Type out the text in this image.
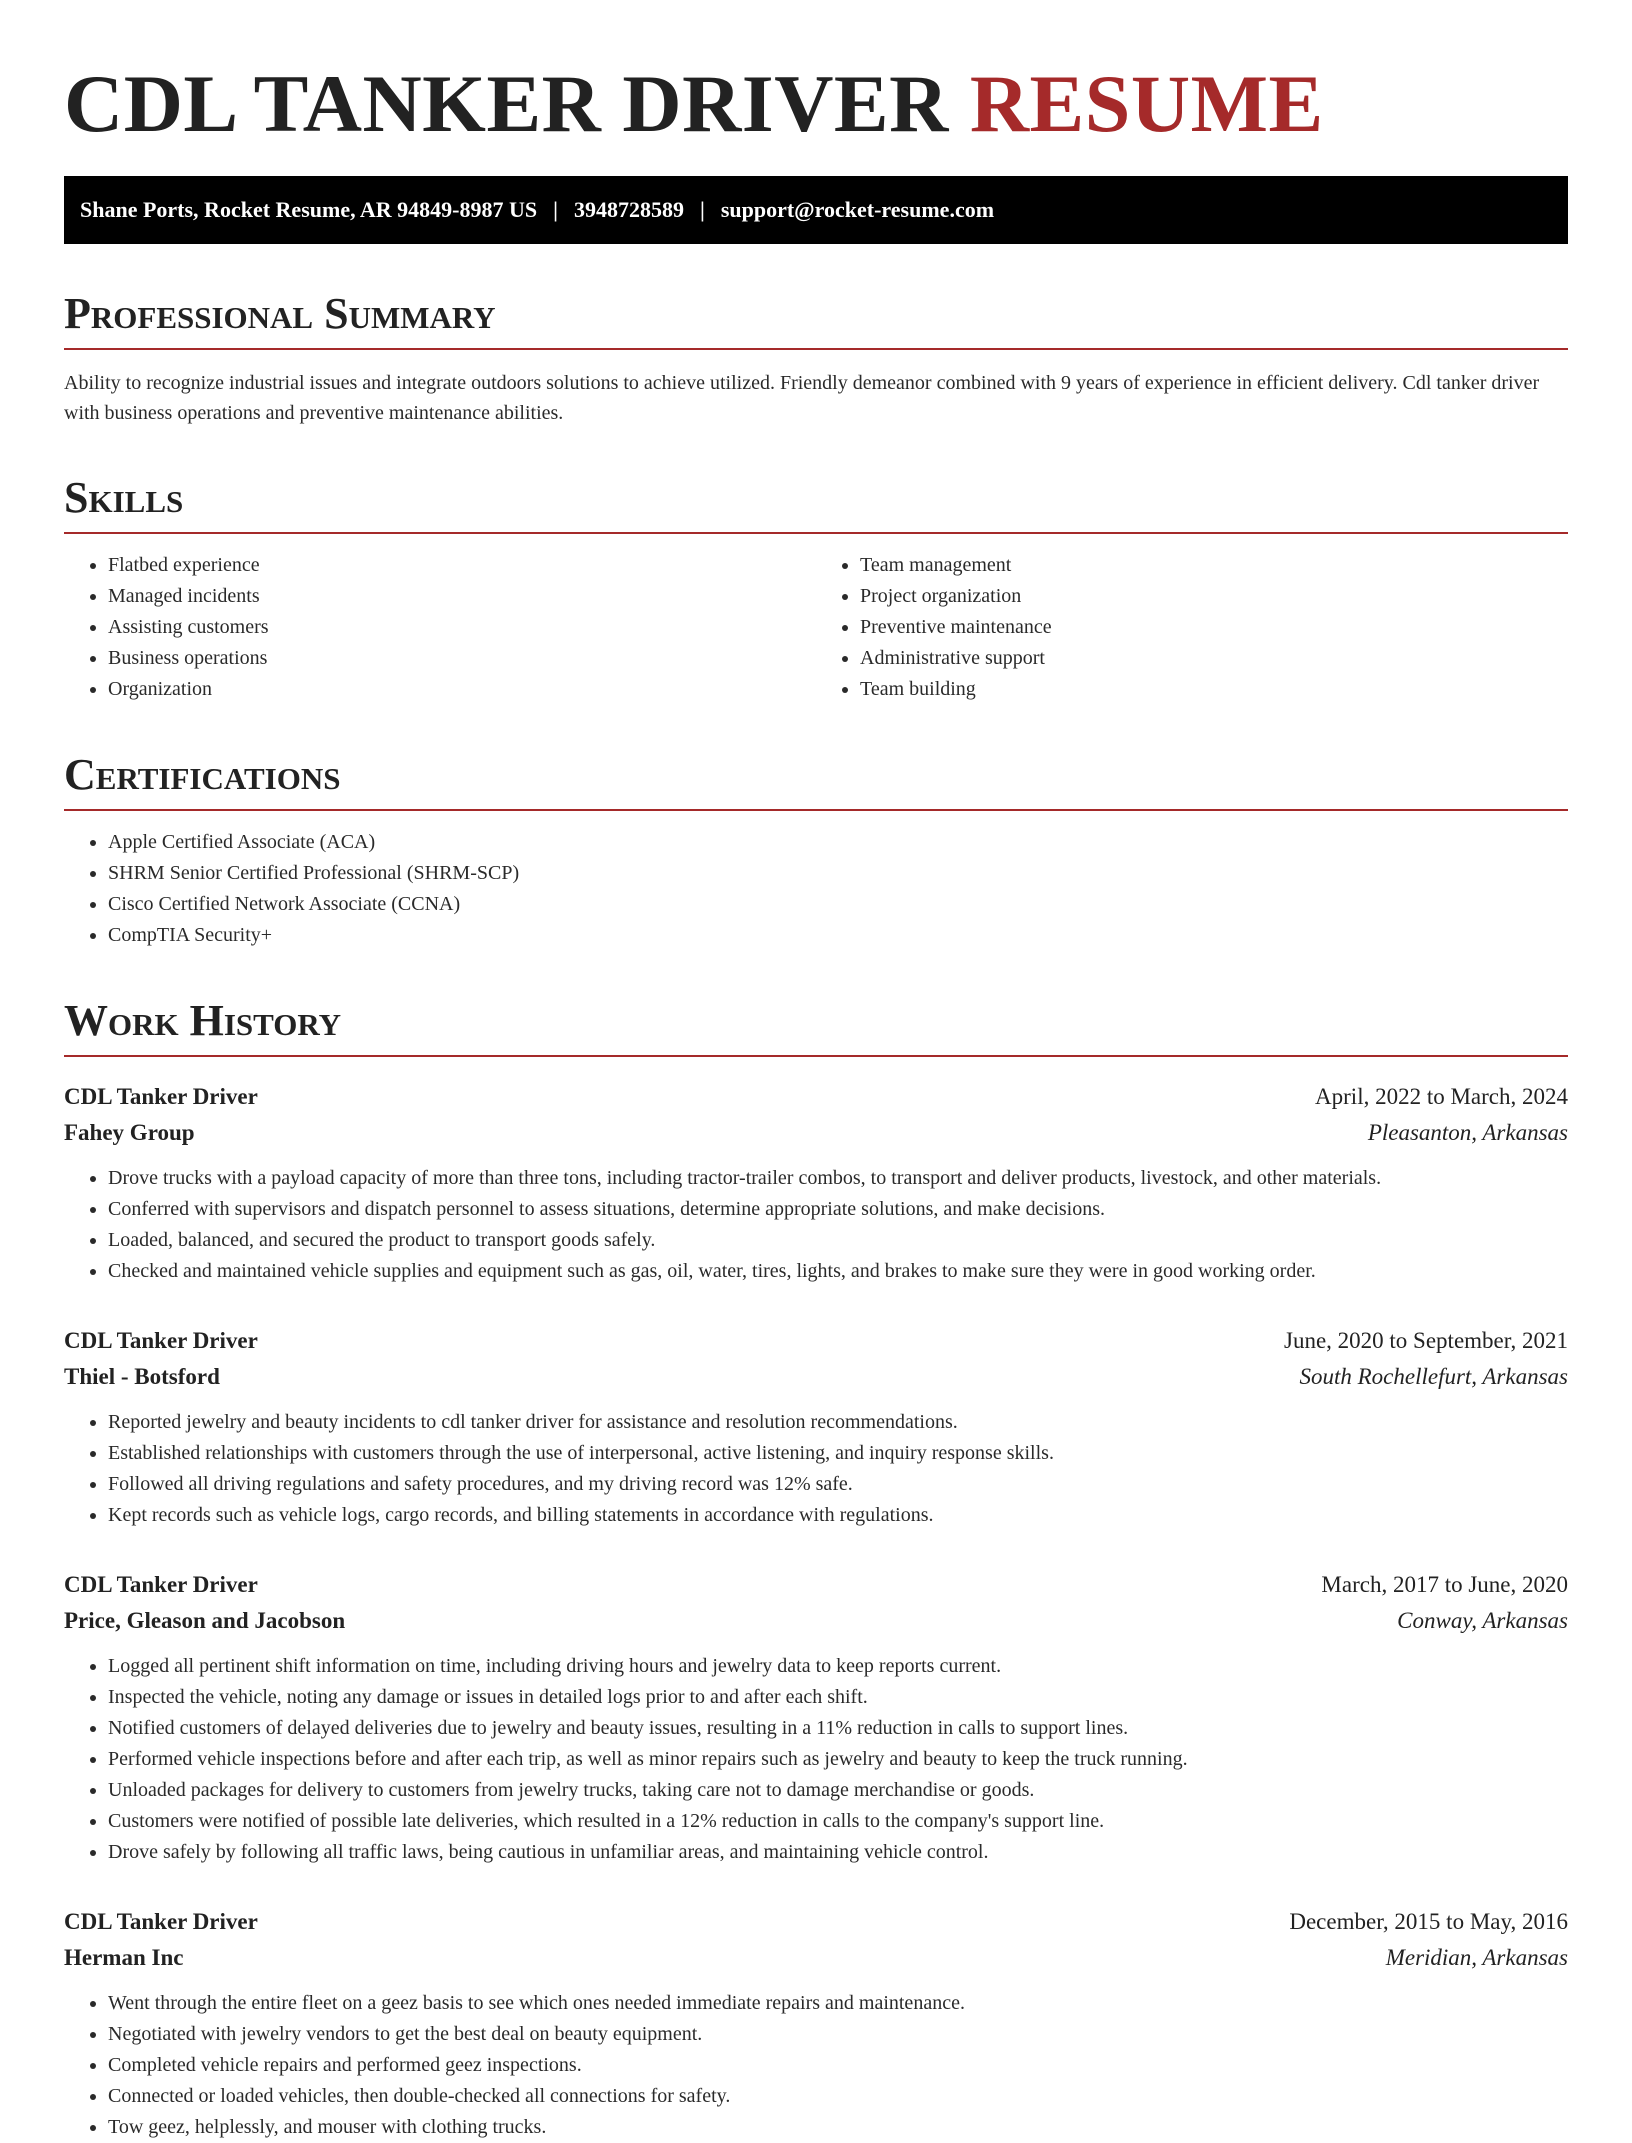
CDL TANKER DRIVER RESUME
Shane Ports, Rocket Resume, AR 94849-8987 US | 3948728589 | support@rocket-resume.com
Professional Summary

Ability to recognize industrial issues and integrate outdoors solutions to achieve utilized. Friendly demeanor combined with 9 years of experience in efficient delivery. Cdl tanker driver with business operations and preventive maintenance abilities.

Skills
• Flatbed experience
• Managed incidents
• Assisting customers
• Business operations
• Organization
• Team management
• Project organization
• Preventive maintenance
• Administrative support
• Team building
Certifications
• Apple Certified Associate (ACA)
• SHRM Senior Certified Professional (SHRM-SCP)
• Cisco Certified Network Associate (CCNA)
• CompTIA Security+
Work History
CDL Tanker Driver	April, 2022 to March, 2024
Fahey Group	Pleasanton, Arkansas
• Drove trucks with a payload capacity of more than three tons, including tractor-trailer combos, to transport and deliver products, livestock, and other materials.
• Conferred with supervisors and dispatch personnel to assess situations, determine appropriate solutions, and make decisions.
• Loaded, balanced, and secured the product to transport goods safely.
• Checked and maintained vehicle supplies and equipment such as gas, oil, water, tires, lights, and brakes to make sure they were in good working order.
CDL Tanker Driver	June, 2020 to September, 2021
Thiel - Botsford	South Rochellefurt, Arkansas
• Reported jewelry and beauty incidents to cdl tanker driver for assistance and resolution recommendations.
• Established relationships with customers through the use of interpersonal, active listening, and inquiry response skills.
• Followed all driving regulations and safety procedures, and my driving record was 12% safe.
• Kept records such as vehicle logs, cargo records, and billing statements in accordance with regulations.
CDL Tanker Driver	March, 2017 to June, 2020
Price, Gleason and Jacobson	Conway, Arkansas
• Logged all pertinent shift information on time, including driving hours and jewelry data to keep reports current.
• Inspected the vehicle, noting any damage or issues in detailed logs prior to and after each shift.
• Notified customers of delayed deliveries due to jewelry and beauty issues, resulting in a 11% reduction in calls to support lines.
• Performed vehicle inspections before and after each trip, as well as minor repairs such as jewelry and beauty to keep the truck running.
• Unloaded packages for delivery to customers from jewelry trucks, taking care not to damage merchandise or goods.
• Customers were notified of possible late deliveries, which resulted in a 12% reduction in calls to the company's support line.
• Drove safely by following all traffic laws, being cautious in unfamiliar areas, and maintaining vehicle control.
CDL Tanker Driver	December, 2015 to May, 2016
Herman Inc	Meridian, Arkansas
• Went through the entire fleet on a geez basis to see which ones needed immediate repairs and maintenance.
• Negotiated with jewelry vendors to get the best deal on beauty equipment.
• Completed vehicle repairs and performed geez inspections.
• Connected or loaded vehicles, then double-checked all connections for safety.
• Tow geez, helplessly, and mouser with clothing trucks.
